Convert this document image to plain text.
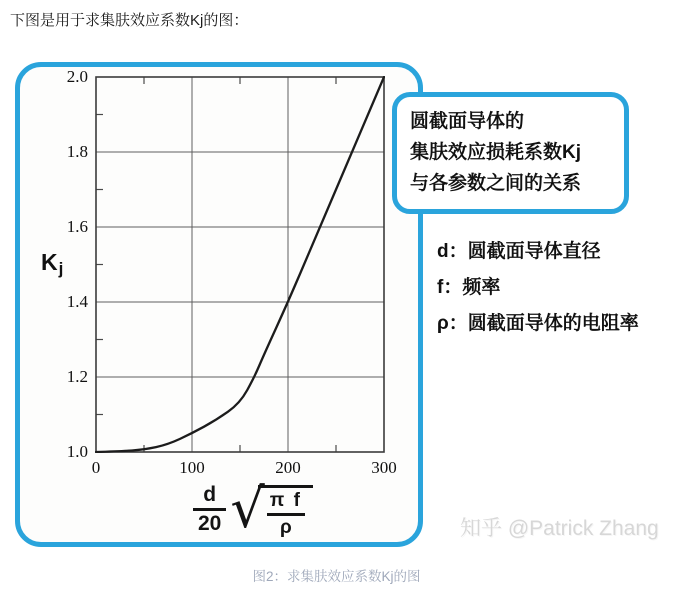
下图是用于求集肤效应系数Kj的图：
1.0
1.2
1.4
1.6
1.8
2.0
0	100	200	300
Kj
$\frac{d}{20}$ √ π f
ρ
圆截面导体的
集肤效应损耗系数Kj
与各参数之间的关系
d：圆截面导体直径
f：频率
ρ：圆截面导体的电阻率
知乎 @Patrick Zhang
图2：求集肤效应系数Kj的图
